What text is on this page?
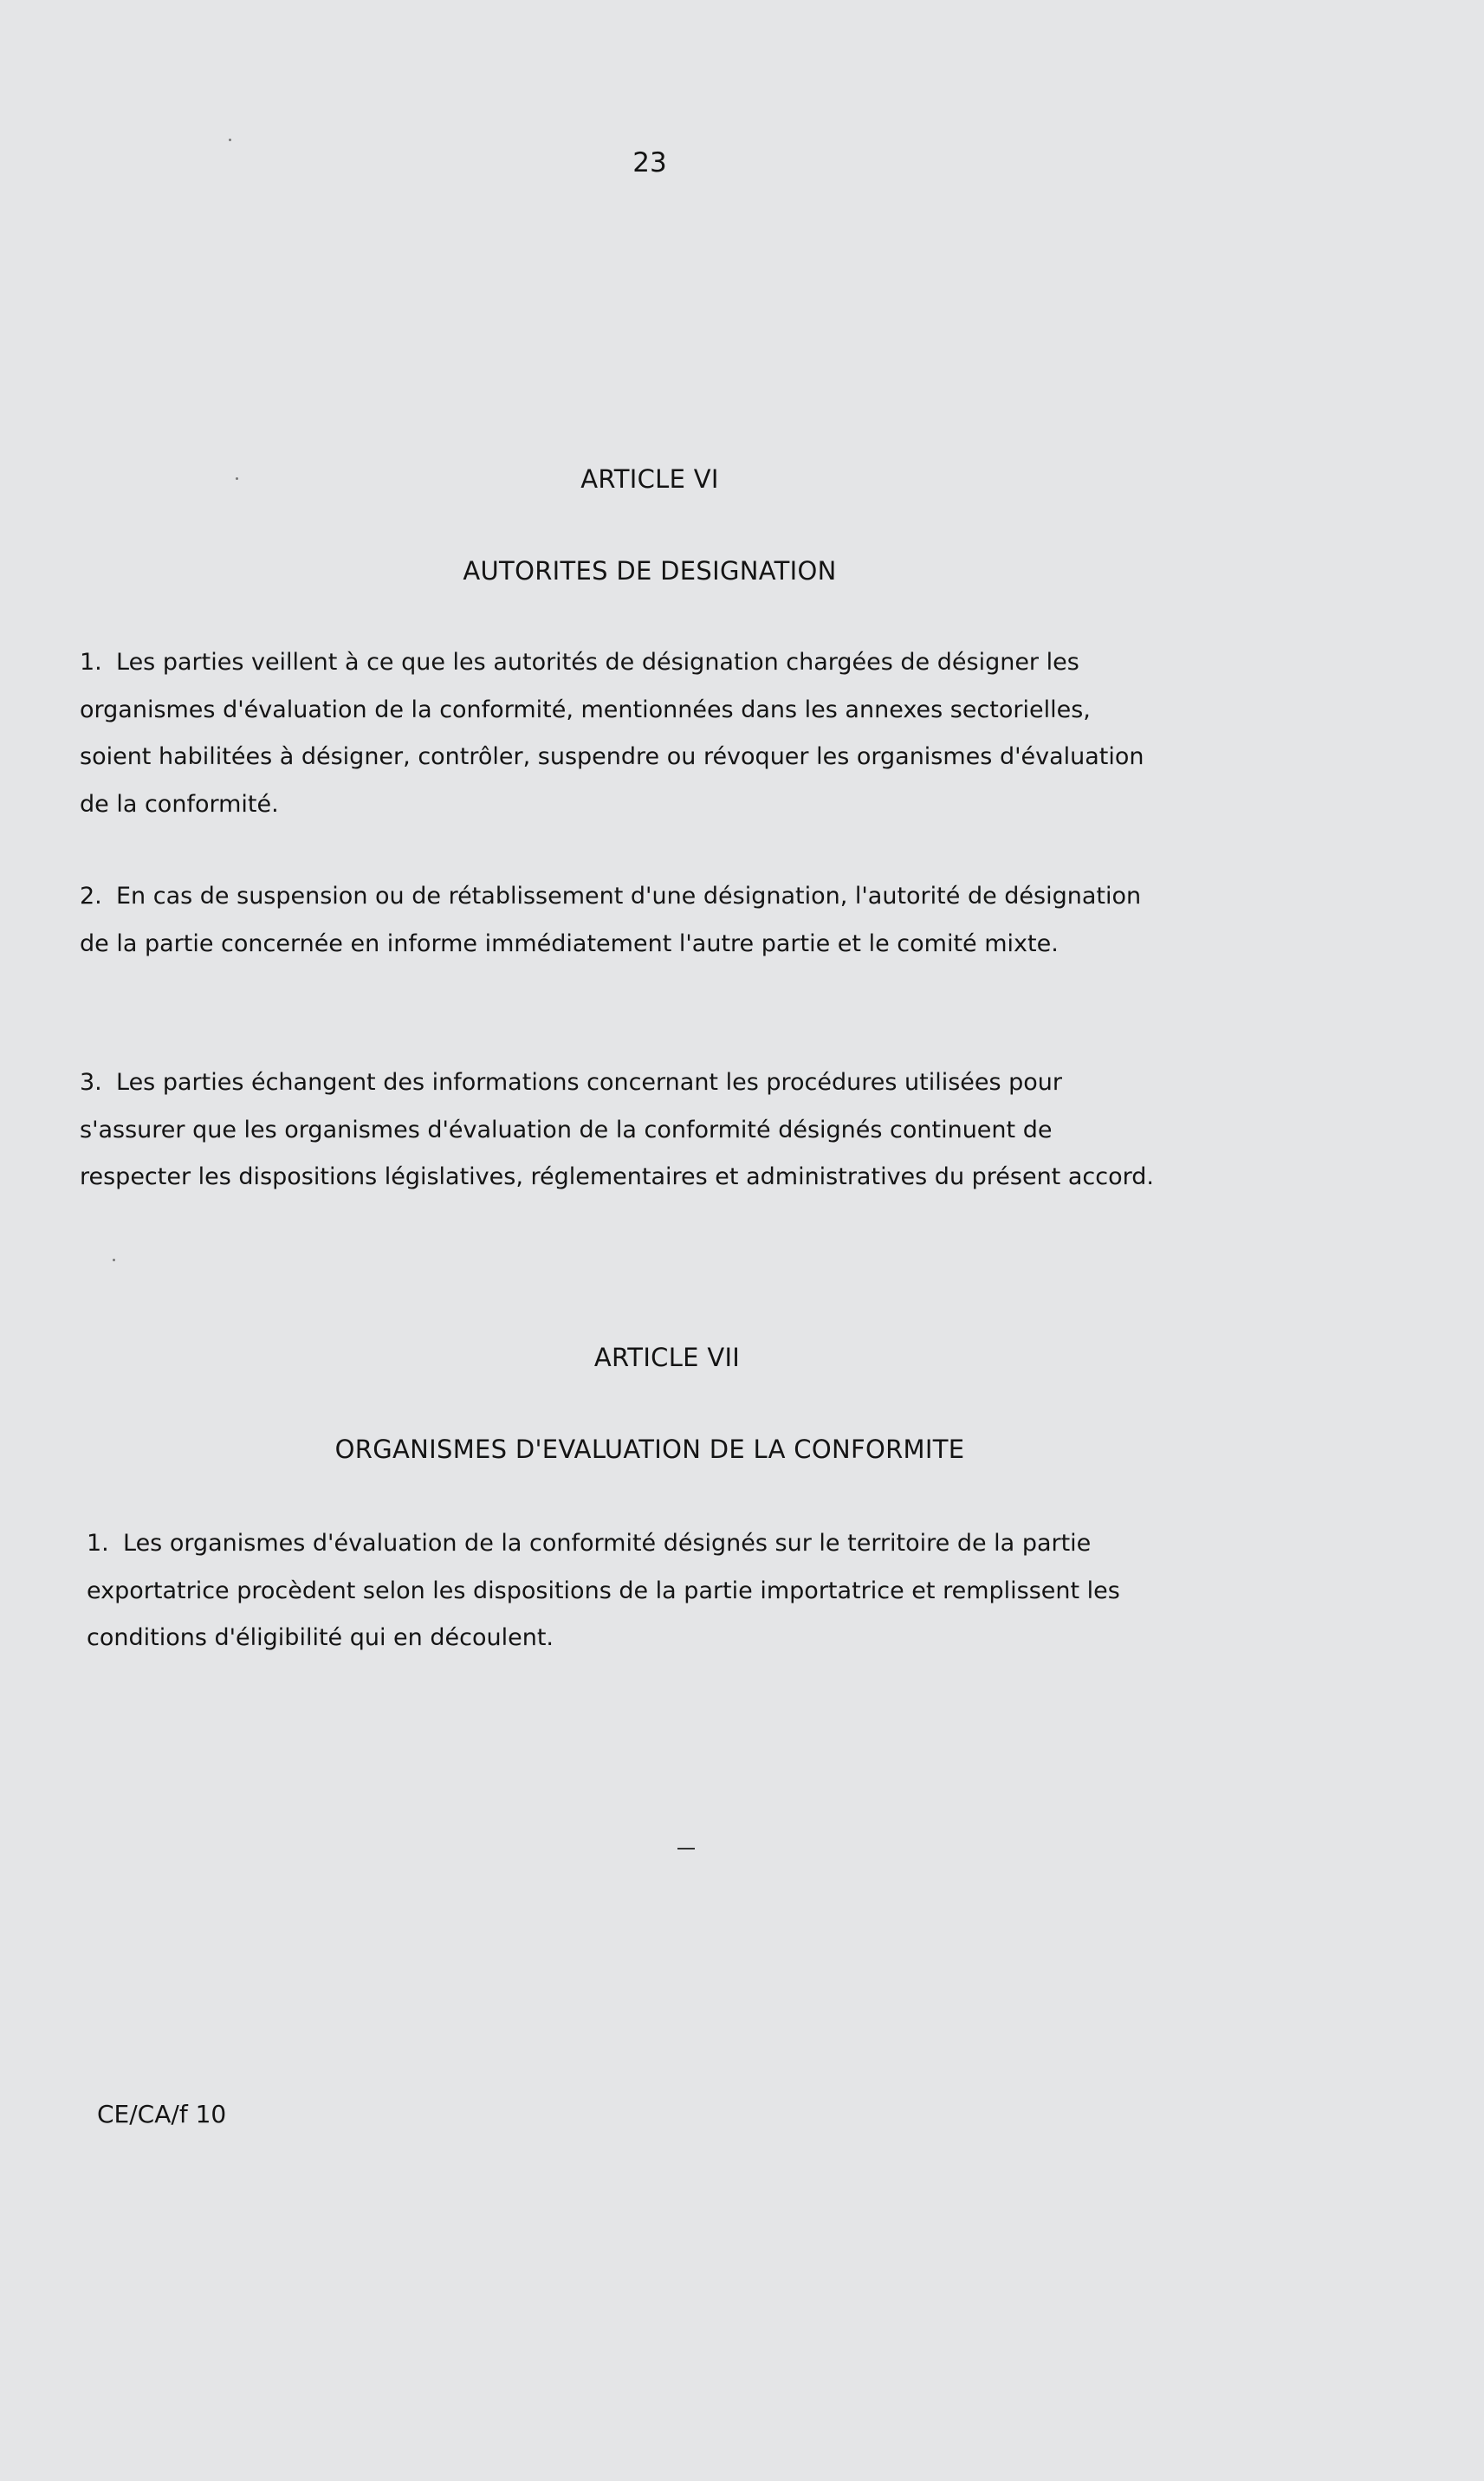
23
ARTICLE VI
AUTORITES DE DESIGNATION
1. Les parties veillent à ce que les autorités de désignation chargées de désigner les organismes d'évaluation de la conformité, mentionnées dans les annexes sectorielles, soient habilitées à désigner, contrôler, suspendre ou révoquer les organismes d'évaluation de la conformité.
2. En cas de suspension ou de rétablissement d'une désignation, l'autorité de désignation de la partie concernée en informe immédiatement l'autre partie et le comité mixte.
3. Les parties échangent des informations concernant les procédures utilisées pour s'assurer que les organismes d'évaluation de la conformité désignés continuent de respecter les dispositions législatives, réglementaires et administratives du présent accord.
ARTICLE VII
ORGANISMES D'EVALUATION DE LA CONFORMITE
1. Les organismes d'évaluation de la conformité désignés sur le territoire de la partie exportatrice procèdent selon les dispositions de la partie importatrice et remplissent les conditions d'éligibilité qui en découlent.
CE/CA/f 10
